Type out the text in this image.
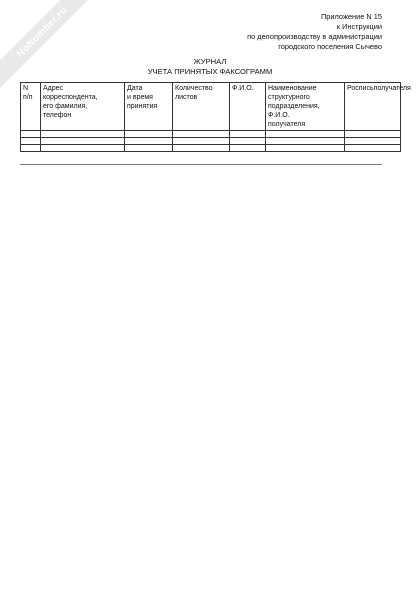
NoNumber.ru	Приложение N 15
к Инструкции
по делопроизводству в администрации
городского поселения Сычево
ЖУРНАЛ
УЧЕТА ПРИНЯТЫХ ФАКСОГРАММ
N
п/п	Адрес
корреспондента,
его фамилия,
телефон	Дата
и время
принятия	Количество
листов	Ф.И.О.	Наименование
структурного
подразделения,
Ф.И.О.
получателя	Росписьполучателя
